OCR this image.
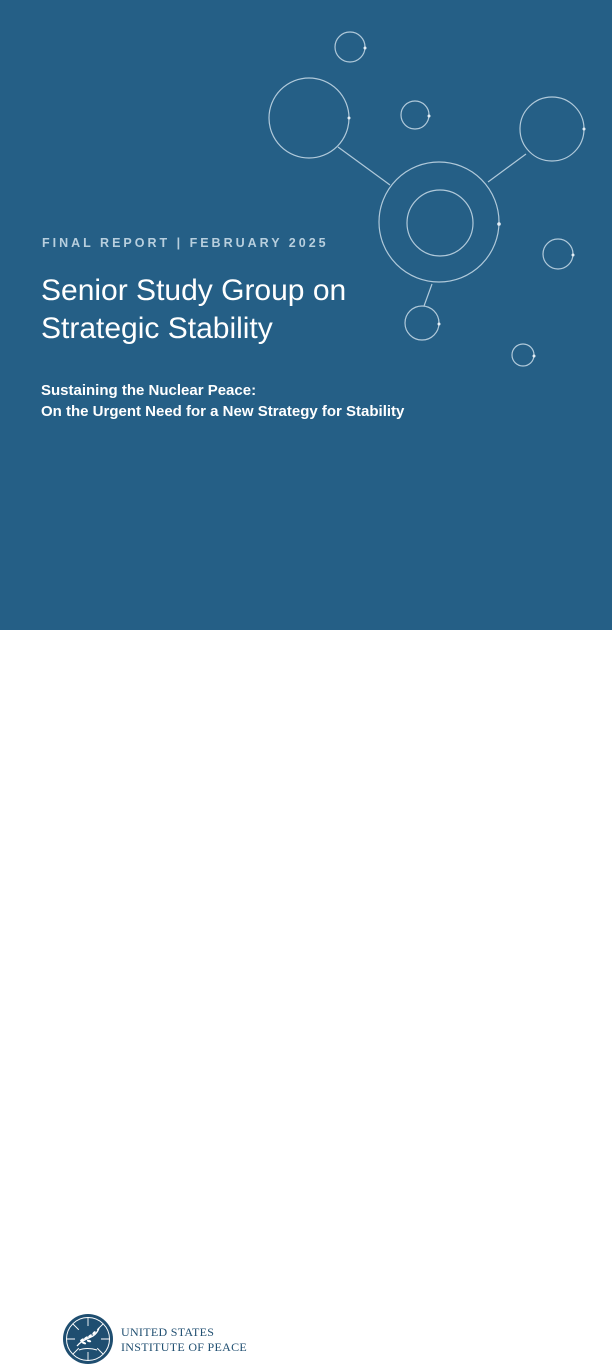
FINAL REPORT | FEBRUARY 2025
Senior Study Group on
Strategic Stability
Sustaining the Nuclear Peace:
On the Urgent Need for a New Strategy for Stability
UNITED STATES
INSTITUTE OF PEACE
